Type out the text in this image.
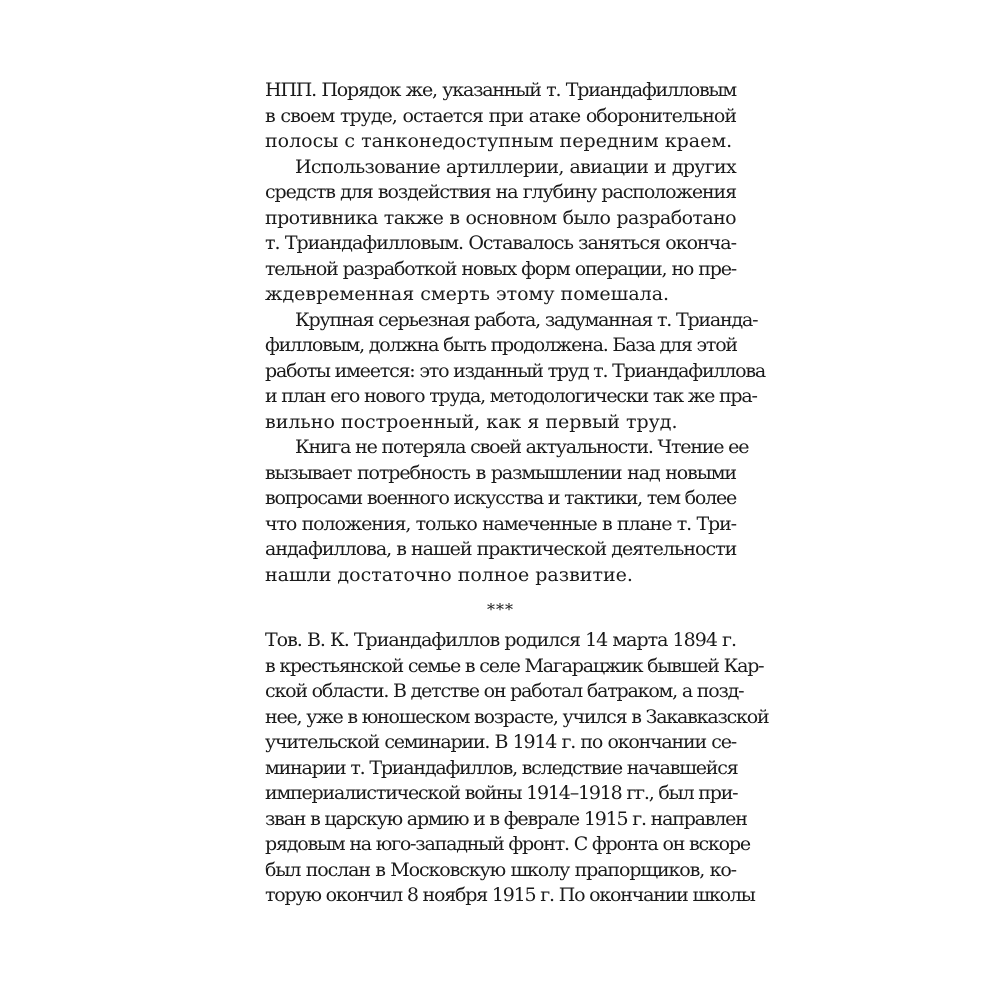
НПП. Порядок же, указанный т. Триандафилловым
в своем труде, остается при атаке оборонительной
полосы с танконедоступным передним краем.
Использование артиллерии, авиации и других
средств для воздействия на глубину расположения
противника также в основном было разработано
т. Триандафилловым. Оставалось заняться оконча-
тельной разработкой новых форм операции, но пре-
ждевременная смерть этому помешала.
Крупная серьезная работа, задуманная т. Трианда-
филловым, должна быть продолжена. База для этой
работы имеется: это изданный труд т. Триандафиллова
и план его нового труда, методологически так же пра-
вильно построенный, как я первый труд.
Книга не потеряла своей актуальности. Чтение ее
вызывает потребность в размышлении над новыми
вопросами военного искусства и тактики, тем более
что положения, только намеченные в плане т. Три-
андафиллова, в нашей практической деятельности
нашли достаточно полное развитие.
***
Тов. В. К. Триандафиллов родился 14 марта 1894 г.
в крестьянской семье в селе Магарацжик бывшей Кар-
ской области. В детстве он работал батраком, а позд-
нее, уже в юношеском возрасте, учился в Закавказской
учительской семинарии. В 1914 г. по окончании се-
минарии т. Триандафиллов, вследствие начавшейся
империалистической войны 1914–1918 гг., был при-
зван в царскую армию и в феврале 1915 г. направлен
рядовым на юго-западный фронт. С фронта он вскоре
был послан в Московскую школу прапорщиков, ко-
торую окончил 8 ноября 1915 г. По окончании школы
